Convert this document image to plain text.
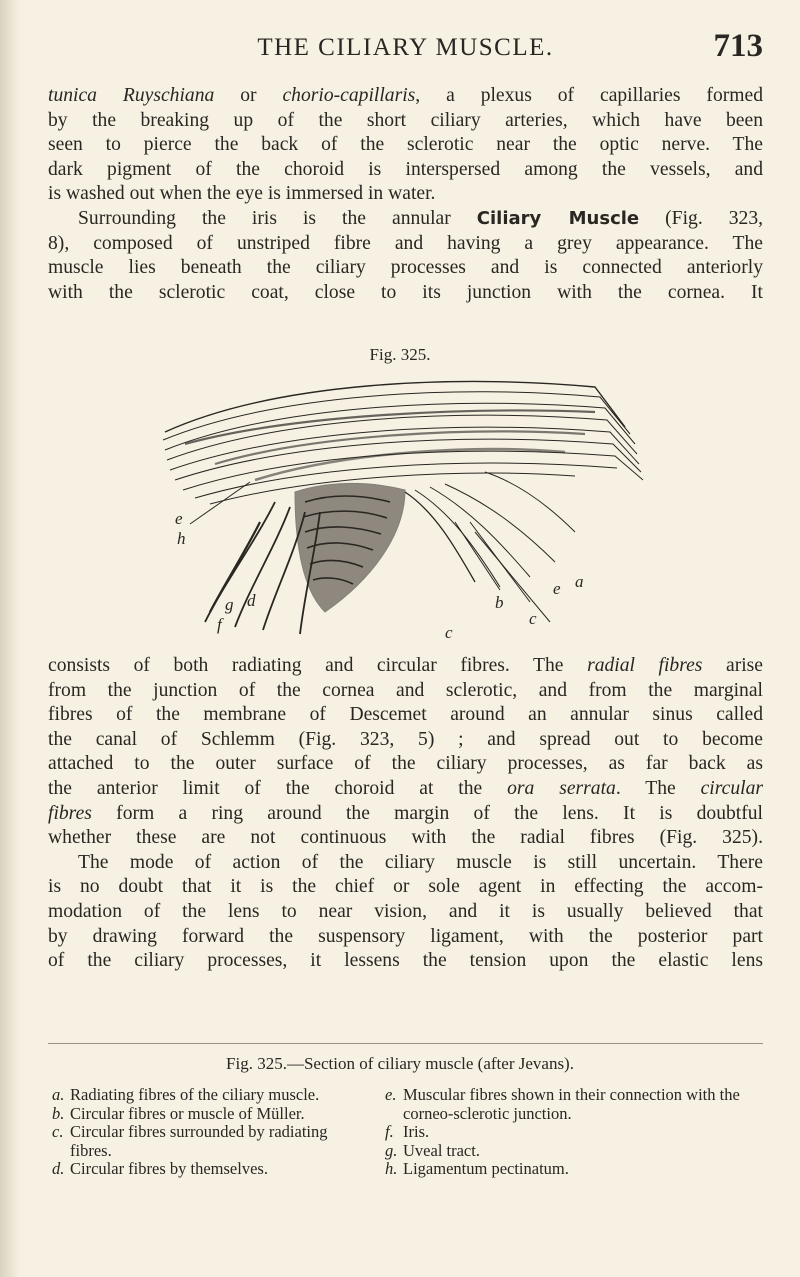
THE CILIARY MUSCLE.	713
tunica Ruyschiana or chorio-capillaris, a plexus of capillaries formed
by the breaking up of the short ciliary arteries, which have been
seen to pierce the back of the sclerotic near the optic nerve. The
dark pigment of the choroid is interspersed among the vessels, and
is washed out when the eye is immersed in water.
Surrounding the iris is the annular Ciliary Muscle (Fig. 323,
8), composed of unstriped fibre and having a grey appearance. The
muscle lies beneath the ciliary processes and is connected anteriorly
with the sclerotic coat, close to its junction with the cornea. It
Fig. 325.
e
h
g d
f
a
e
b
c
c
consists of both radiating and circular fibres. The radial fibres arise
from the junction of the cornea and sclerotic, and from the marginal
fibres of the membrane of Descemet around an annular sinus called
the canal of Schlemm (Fig. 323, 5) ; and spread out to become
attached to the outer surface of the ciliary processes, as far back as
the anterior limit of the choroid at the ora serrata. The circular
fibres form a ring around the margin of the lens. It is doubtful
whether these are not continuous with the radial fibres (Fig. 325).
The mode of action of the ciliary muscle is still uncertain. There
is no doubt that it is the chief or sole agent in effecting the accom-
modation of the lens to near vision, and it is usually believed that
by drawing forward the suspensory ligament, with the posterior part
of the ciliary processes, it lessens the tension upon the elastic lens
Fig. 325.—Section of ciliary muscle (after Jevans).
a. Radiating fibres of the ciliary muscle.
b. Circular fibres or muscle of Müller.
c. Circular fibres surrounded by radiating fibres.
d. Circular fibres by themselves.
e. Muscular fibres shown in their connection with the corneo-sclerotic junction.
f. Iris.
g. Uveal tract.
h. Ligamentum pectinatum.
